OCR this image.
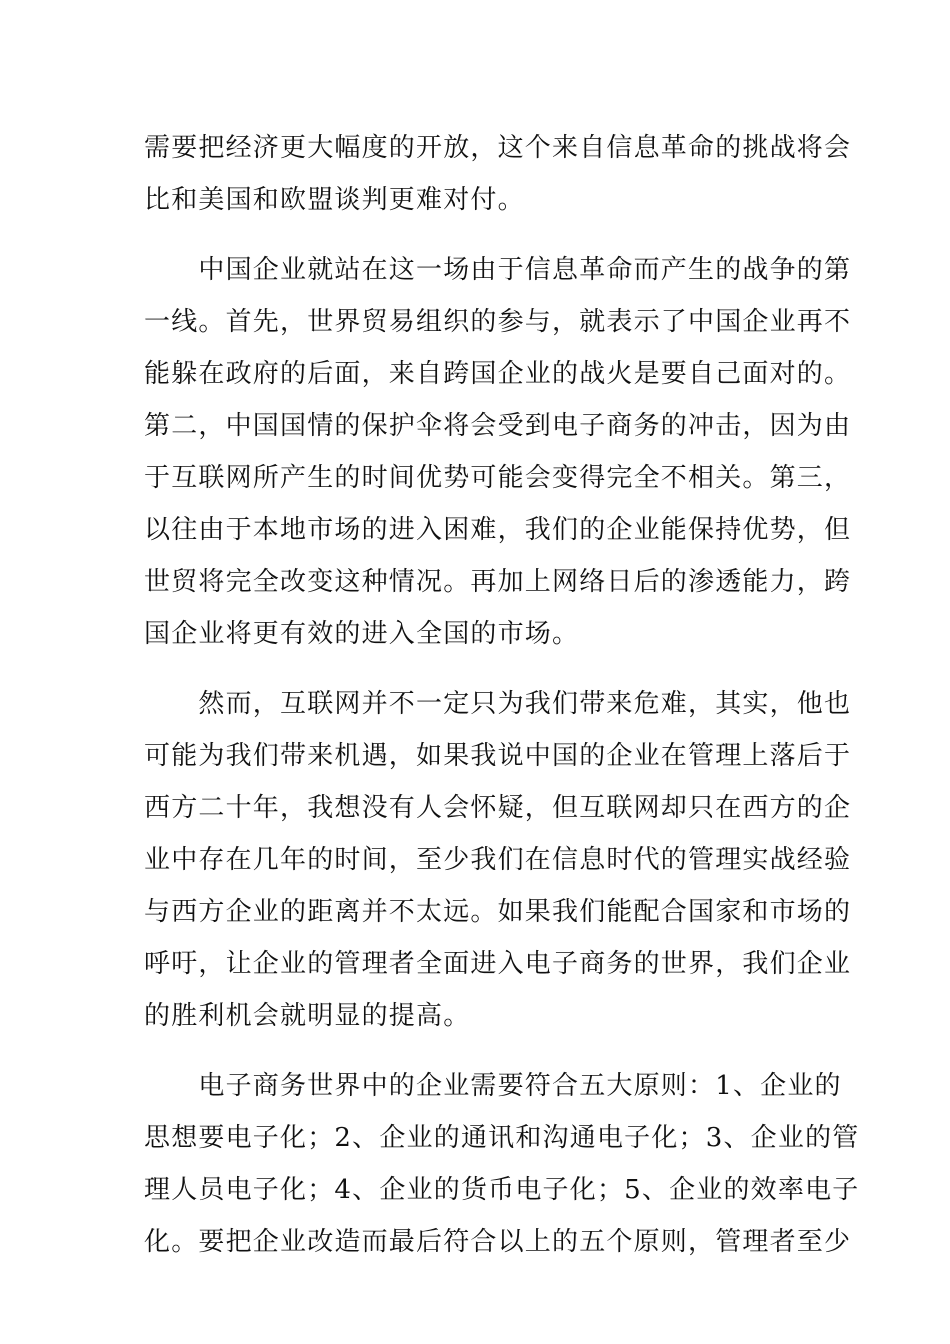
需要把经济更大幅度的开放，这个来自信息革命的挑战将会
比和美国和欧盟谈判更难对付。
　　中国企业就站在这一场由于信息革命而产生的战争的第
一线。首先，世界贸易组织的参与，就表示了中国企业再不
能躲在政府的后面，来自跨国企业的战火是要自己面对的。
第二，中国国情的保护伞将会受到电子商务的冲击，因为由
于互联网所产生的时间优势可能会变得完全不相关。第三，
以往由于本地市场的进入困难，我们的企业能保持优势，但
世贸将完全改变这种情况。再加上网络日后的渗透能力，跨
国企业将更有效的进入全国的市场。
　　然而，互联网并不一定只为我们带来危难，其实，他也
可能为我们带来机遇，如果我说中国的企业在管理上落后于
西方二十年，我想没有人会怀疑，但互联网却只在西方的企
业中存在几年的时间，至少我们在信息时代的管理实战经验
与西方企业的距离并不太远。如果我们能配合国家和市场的
呼吁，让企业的管理者全面进入电子商务的世界，我们企业
的胜利机会就明显的提高。
　　电子商务世界中的企业需要符合五大原则：1、企业的
思想要电子化；2、企业的通讯和沟通电子化；3、企业的管
理人员电子化；4、企业的货币电子化；5、企业的效率电子
化。要把企业改造而最后符合以上的五个原则，管理者至少
